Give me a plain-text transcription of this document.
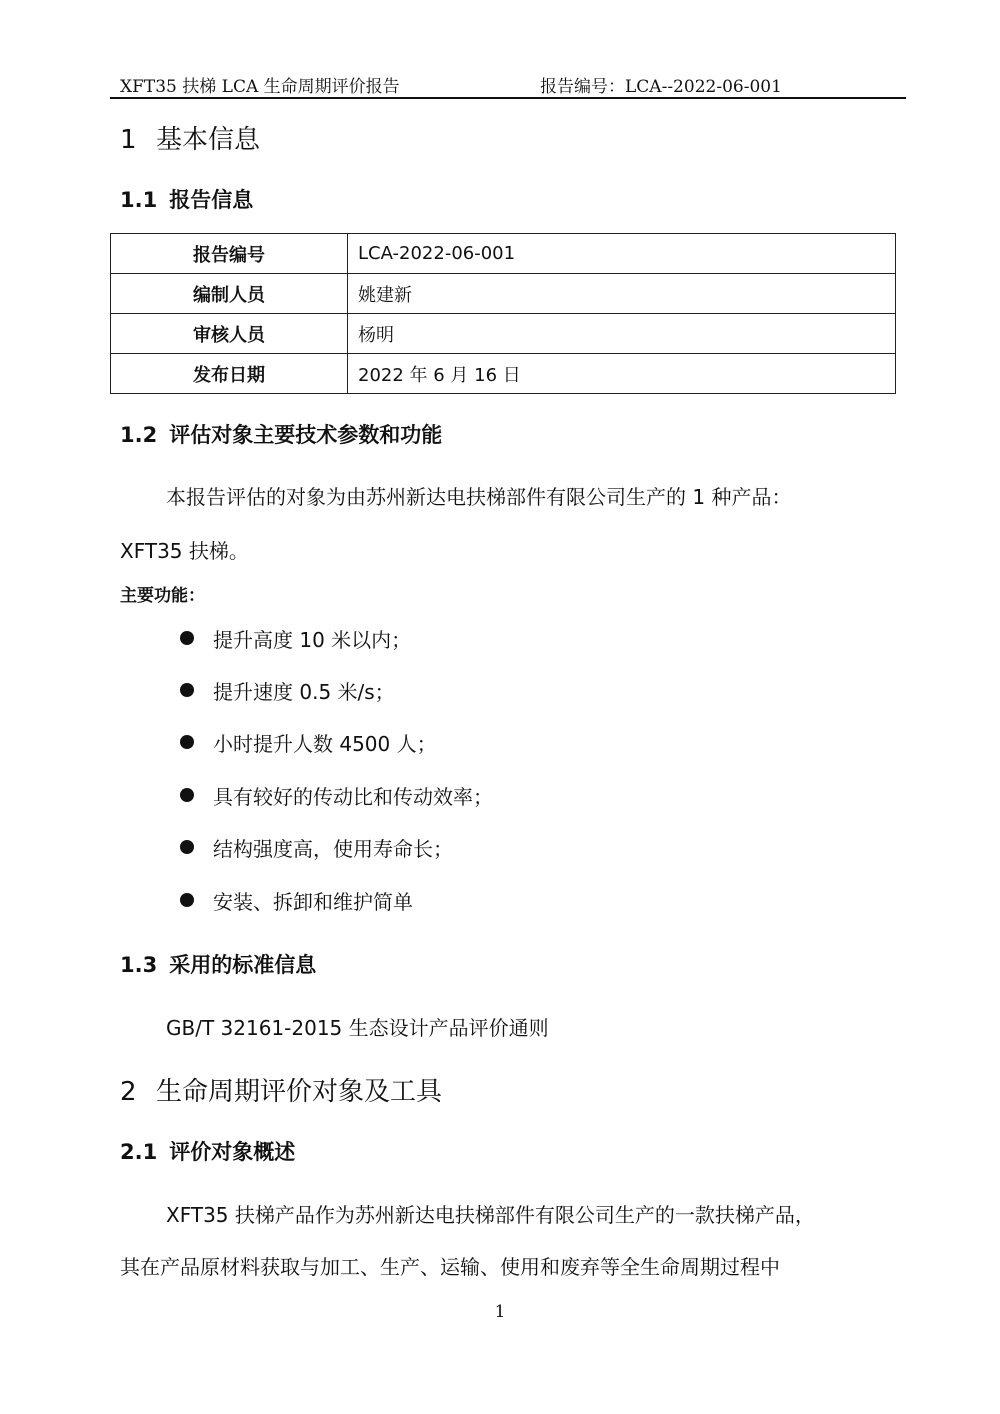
XFT35 扶梯 LCA 生命周期评价报告	报告编号：LCA--2022-06-001
1 基本信息
1.1 报告信息
报告编号	LCA-2022-06-001
编制人员	姚建新
审核人员	杨明
发布日期	2022 年 6 月 16 日
1.2 评估对象主要技术参数和功能
本报告评估的对象为由苏州新达电扶梯部件有限公司生产的 1 种产品：
XFT35 扶梯。
主要功能：
提升高度 10 米以内；
提升速度 0.5 米/s；
小时提升人数 4500 人；
具有较好的传动比和传动效率；
结构强度高，使用寿命长；
安装、拆卸和维护简单
1.3 采用的标准信息
GB/T 32161-2015 生态设计产品评价通则
2 生命周期评价对象及工具
2.1 评价对象概述
XFT35 扶梯产品作为苏州新达电扶梯部件有限公司生产的一款扶梯产品，
其在产品原材料获取与加工、生产、运输、使用和废弃等全生命周期过程中
1
